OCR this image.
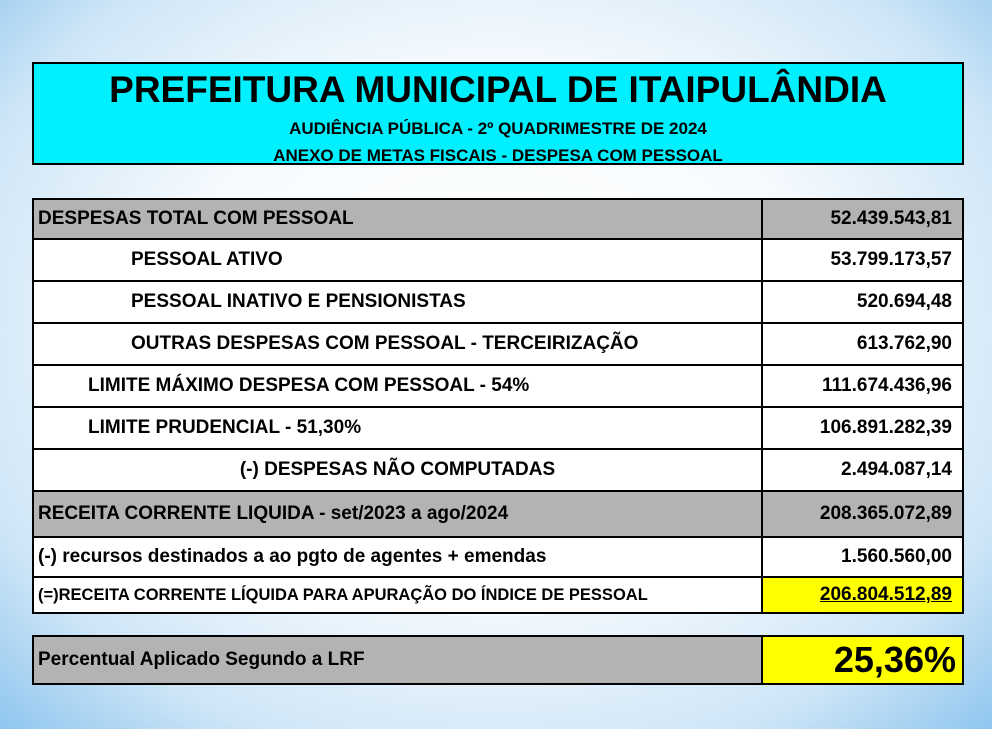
PREFEITURA MUNICIPAL DE ITAIPULÂNDIA
AUDIÊNCIA PÚBLICA - 2º QUADRIMESTRE DE 2024
ANEXO DE METAS FISCAIS - DESPESA COM PESSOAL
DESPESAS TOTAL COM PESSOAL	52.439.543,81
PESSOAL ATIVO	53.799.173,57
PESSOAL INATIVO E PENSIONISTAS	520.694,48
OUTRAS DESPESAS COM PESSOAL - TERCEIRIZAÇÃO	613.762,90
LIMITE MÁXIMO DESPESA COM PESSOAL - 54%	111.674.436,96
LIMITE PRUDENCIAL - 51,30%	106.891.282,39
(-) DESPESAS NÃO COMPUTADAS	2.494.087,14
RECEITA CORRENTE LIQUIDA - set/2023 a ago/2024	208.365.072,89
(-) recursos destinados a ao pgto de agentes + emendas	1.560.560,00
(=)RECEITA CORRENTE LÍQUIDA PARA APURAÇÃO DO ÍNDICE DE PESSOAL	206.804.512,89
Percentual Aplicado Segundo a LRF	25,36%
